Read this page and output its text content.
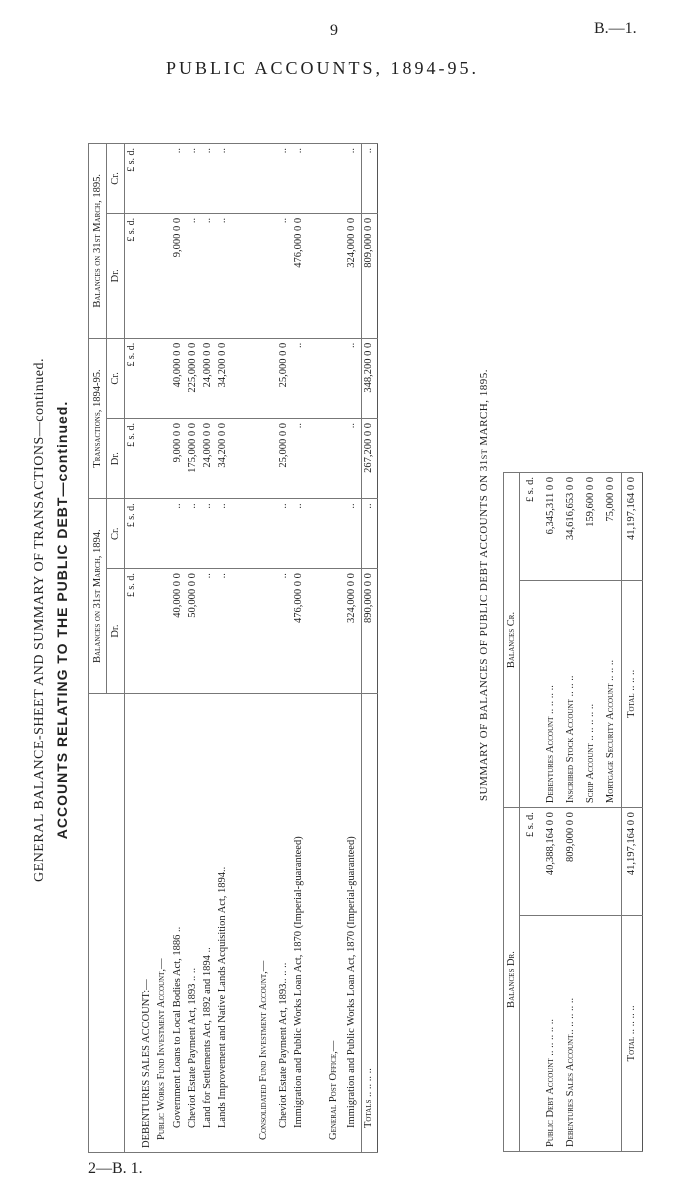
9	B.—1.
PUBLIC ACCOUNTS, 1894-95.
2—B. 1.
GENERAL BALANCE-SHEET AND SUMMARY OF TRANSACTIONS—continued. ACCOUNTS RELATING TO THE PUBLIC DEBT—continued.
	Balances on 31st March, 1894.		Transactions, 1894-95.		Balances on 31st March, 1895.	
	Dr.	Cr.	Dr.	Cr.	Dr.	Cr.
	£ s. d.	£ s. d.	£ s. d.	£ s. d.	£ s. d.	£ s. d.
DEBENTURES SALES ACCOUNT:—						
Public Works Fund Investment Account,—						
Government Loans to Local Bodies Act, 1886 ..	40,000 0 0	..	9,000 0 0	40,000 0 0	9,000 0 0	..
Cheviot Estate Payment Act, 1893 .. ..	50,000 0 0	..	175,000 0 0	225,000 0 0	..	..
Land for Settlements Act, 1892 and 1894 ..	..	..	24,000 0 0	24,000 0 0	..	..
Lands Improvement and Native Lands Acquisition Act, 1894..	..	..	34,200 0 0	34,200 0 0	..	..
Consolidated Fund Investment Account,—						
Cheviot Estate Payment Act, 1893.. .. ..	..	..	25,000 0 0	25,000 0 0	..	..
Immigration and Public Works Loan Act, 1870 (Imperial-guaranteed)	476,000 0 0	..	..	..	476,000 0 0	..
General Post Office,—						
Immigration and Public Works Loan Act, 1870 (Imperial-guaranteed)	324,000 0 0	..	..	..	324,000 0 0	..
Totals .. .. .. ..	890,000 0 0	..	267,200 0 0	348,200 0 0	809,000 0 0	..
SUMMARY OF BALANCES OF PUBLIC DEBT ACCOUNTS ON 31st MARCH, 1895.
Balances Dr.		Balances Cr.	
	£ s. d.		£ s. d.
Public Debt Account .. .. .. .. ..	40,388,164 0 0	Debentures Account .. .. .. ..	6,345,311 0 0
Debentures Sales Account.. .. .. .. ..	809,000 0 0	Inscribed Stock Account .. .. ..	34,616,653 0 0
		Scrip Account .. .. .. .. ..	159,600 0 0
		Mortgage Security Account .. .. ..	75,000 0 0
Total .. .. .. ..	41,197,164 0 0	Total .. .. ..	41,197,164 0 0
